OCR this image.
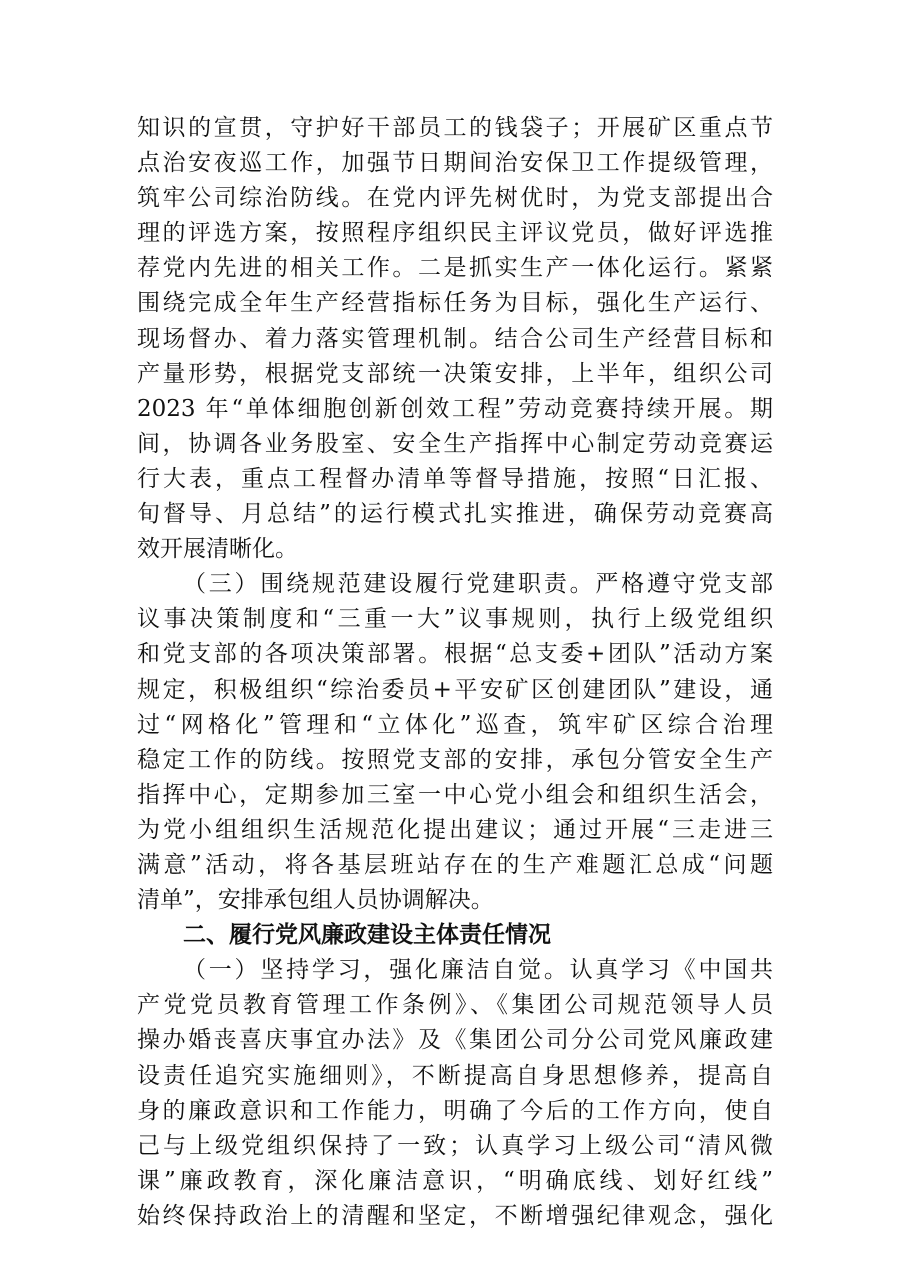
知识的宣贯，守护好干部员工的钱袋子；开展矿区重点节
点治安夜巡工作，加强节日期间治安保卫工作提级管理，
筑牢公司综治防线。在党内评先树优时，为党支部提出合
理的评选方案，按照程序组织民主评议党员，做好评选推
荐党内先进的相关工作。二是抓实生产一体化运行。紧紧
围绕完成全年生产经营指标任务为目标，强化生产运行、
现场督办、着力落实管理机制。结合公司生产经营目标和
产量形势，根据党支部统一决策安排，上半年，组织公司
2023 年“单体细胞创新创效工程”劳动竞赛持续开展。期
间，协调各业务股室、安全生产指挥中心制定劳动竞赛运
行大表，重点工程督办清单等督导措施，按照“日汇报、
旬督导、月总结”的运行模式扎实推进，确保劳动竞赛高
效开展清晰化。
（三）围绕规范建设履行党建职责。严格遵守党支部
议事决策制度和“三重一大”议事规则，执行上级党组织
和党支部的各项决策部署。根据“总支委+团队”活动方案
规定，积极组织“综治委员+平安矿区创建团队”建设，通
过“网格化”管理和“立体化”巡查，筑牢矿区综合治理
稳定工作的防线。按照党支部的安排，承包分管安全生产
指挥中心，定期参加三室一中心党小组会和组织生活会，
为党小组组织生活规范化提出建议；通过开展“三走进三
满意”活动，将各基层班站存在的生产难题汇总成“问题
清单”，安排承包组人员协调解决。
二、履行党风廉政建设主体责任情况
（一）坚持学习，强化廉洁自觉。认真学习《中国共
产党党员教育管理工作条例》、《集团公司规范领导人员
操办婚丧喜庆事宜办法》及《集团公司分公司党风廉政建
设责任追究实施细则》，不断提高自身思想修养，提高自
身的廉政意识和工作能力，明确了今后的工作方向，使自
己与上级党组织保持了一致；认真学习上级公司“清风微
课”廉政教育，深化廉洁意识，“明确底线、划好红线”
始终保持政治上的清醒和坚定，不断增强纪律观念，强化
